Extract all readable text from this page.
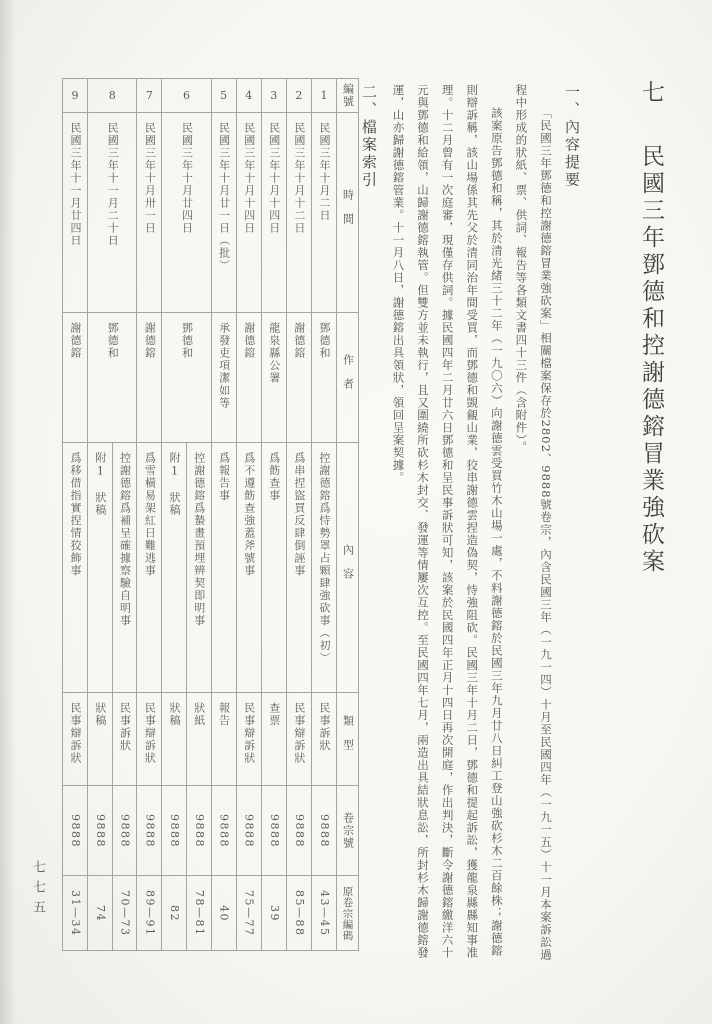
七 民國三年鄧德和控謝德鎔冒業強砍案
一、內容提要

「民國三年鄧德和控謝德鎔冒業強砍案」相關檔案保存於2802、9888號卷宗，內含民國三年（一九一四）十月至民國四年（一九一五）十一月本案訴訟過程中形成的狀紙、票、供詞、報告等各類文書四十三件（含附件）。

該案原告鄧德和稱，其於清光緒三十二年（一九〇六）向謝德雲受買竹木山場一處，不料謝德鎔於民國三年九月廿八日糾工登山強砍杉木二百餘株；謝德鎔則辯訴稱，該山場係其先父於清同治年間受買，而鄧德和覬覦山業，狡串謝德雲捏造偽契，恃強阻砍。民國三年十月二日，鄧德和提起訴訟，獲龍泉縣縣知事准理。十二月曾有一次庭審，現僅存供詞。據民國四年二月廿六日鄧德和呈民事訴狀可知，該案於民國四年正月十四日再次開庭，作出判決，斷令謝德鎔繳洋六十元與鄧德和給領，山歸謝德鎔執管。但雙方並未執行，且又圍繞所砍杉木封交、發運等情屢次互控。至民國四年七月，兩造出具結狀息訟，所封杉木歸謝德鎔發運，山亦歸謝德鎔管業。十一月八日，謝德鎔出具領狀，領回呈案契據。

二、檔案索引
9
民國三年十一月廿四日
謝德鎔
爲移借指實捏情狡飾事
民事辯訴狀
9888
31—34
8
民國三年十一月二十日
鄧德和
控謝德鎔爲補呈確據察驗自明事
民事訴狀
9888
70—73
附1　狀稿
狀稿
9888
74
7
民國三年十月卅一日
謝德鎔
爲雪橫易架紅日難逃事
民事辯訴狀
9888
89—91
6
民國三年十月廿四日
鄧德和
控謝德鎔爲蟄畫預埋辨契即明事
狀紙
9888
78—81
附1　狀稿
狀稿
9888
82
5
民國三年十月廿一日（批）
承發吏項潔如等
爲報告事
報告
9888
40
4
民國三年十月十四日
謝德鎔
爲不遵飭查強蓋斧號事
民事辯訴狀
9888
75—77
3
民國三年十月十四日
龍泉縣公署
爲飭查事
查票
9888
39
2
民國三年十月十二日
謝德鎔
爲串捏盜買反肆倒誣事
民事辯訴狀
9888
85—88
1
民國三年十月二日
鄧德和
控謝德鎔爲恃勢罩占顆肆強砍事（初）
民事訴狀
9888
43—45
編號
時間
作者
內容
類型
卷宗號
原卷宗編碼
七七五
